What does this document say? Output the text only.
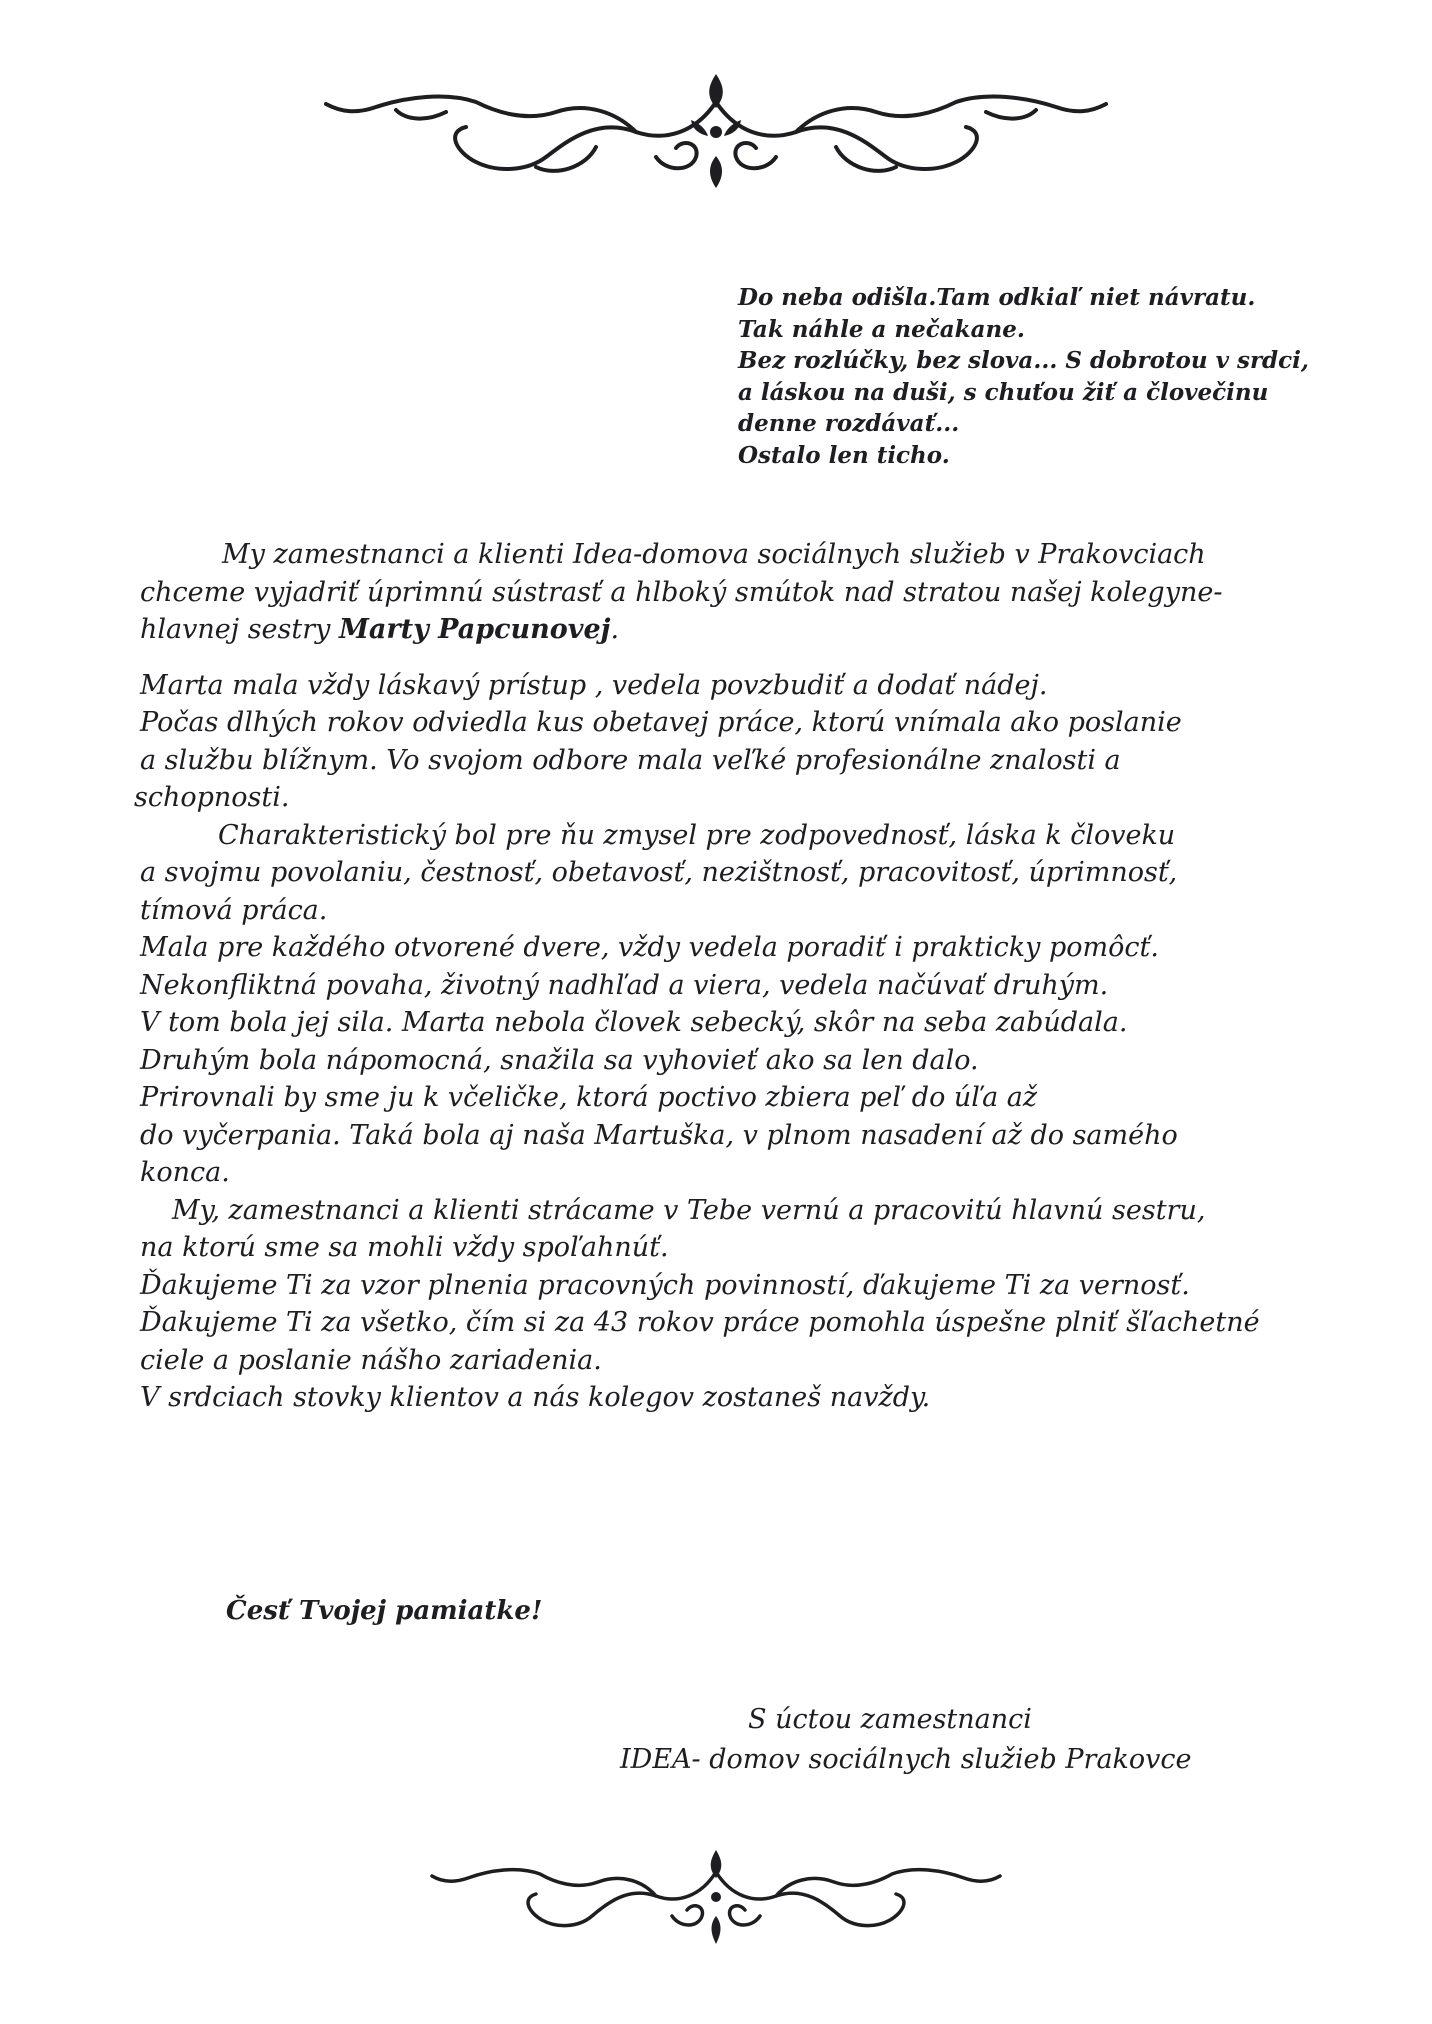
Do neba odišla.Tam odkiaľ niet návratu.
Tak náhle a nečakane.
Bez rozlúčky, bez slova... S dobrotou v srdci,
a láskou na duši, s chuťou žiť a človečinu
denne rozdávať...
Ostalo len ticho.
My zamestnanci a klienti Idea-domova sociálnych služieb v Prakovciach
chceme vyjadriť úprimnú sústrasť a hlboký smútok nad stratou našej kolegyne-
hlavnej sestry Marty Papcunovej.
Marta mala vždy láskavý prístup , vedela povzbudiť a dodať nádej.
Počas dlhých rokov odviedla kus obetavej práce, ktorú vnímala ako poslanie
a službu blížnym. Vo svojom odbore mala veľké profesionálne znalosti a
schopnosti.
Charakteristický bol pre ňu zmysel pre zodpovednosť, láska k človeku
a svojmu povolaniu, čestnosť, obetavosť, nezištnosť, pracovitosť, úprimnosť,
tímová práca.
Mala pre každého otvorené dvere, vždy vedela poradiť i prakticky pomôcť.
Nekonfliktná povaha, životný nadhľad a viera, vedela načúvať druhým.
V tom bola jej sila. Marta nebola človek sebecký, skôr na seba zabúdala.
Druhým bola nápomocná, snažila sa vyhovieť ako sa len dalo.
Prirovnali by sme ju k včeličke, ktorá poctivo zbiera peľ do úľa až
do vyčerpania. Taká bola aj naša Martuška, v plnom nasadení až do samého
konca.
My, zamestnanci a klienti strácame v Tebe vernú a pracovitú hlavnú sestru,
na ktorú sme sa mohli vždy spoľahnúť.
Ďakujeme Ti za vzor plnenia pracovných povinností, ďakujeme Ti za vernosť.
Ďakujeme Ti za všetko, čím si za 43 rokov práce pomohla úspešne plniť šľachetné
ciele a poslanie nášho zariadenia.
V srdciach stovky klientov a nás kolegov zostaneš navždy.
Česť Tvojej pamiatke!
S úctou zamestnanci
IDEA- domov sociálnych služieb Prakovce
